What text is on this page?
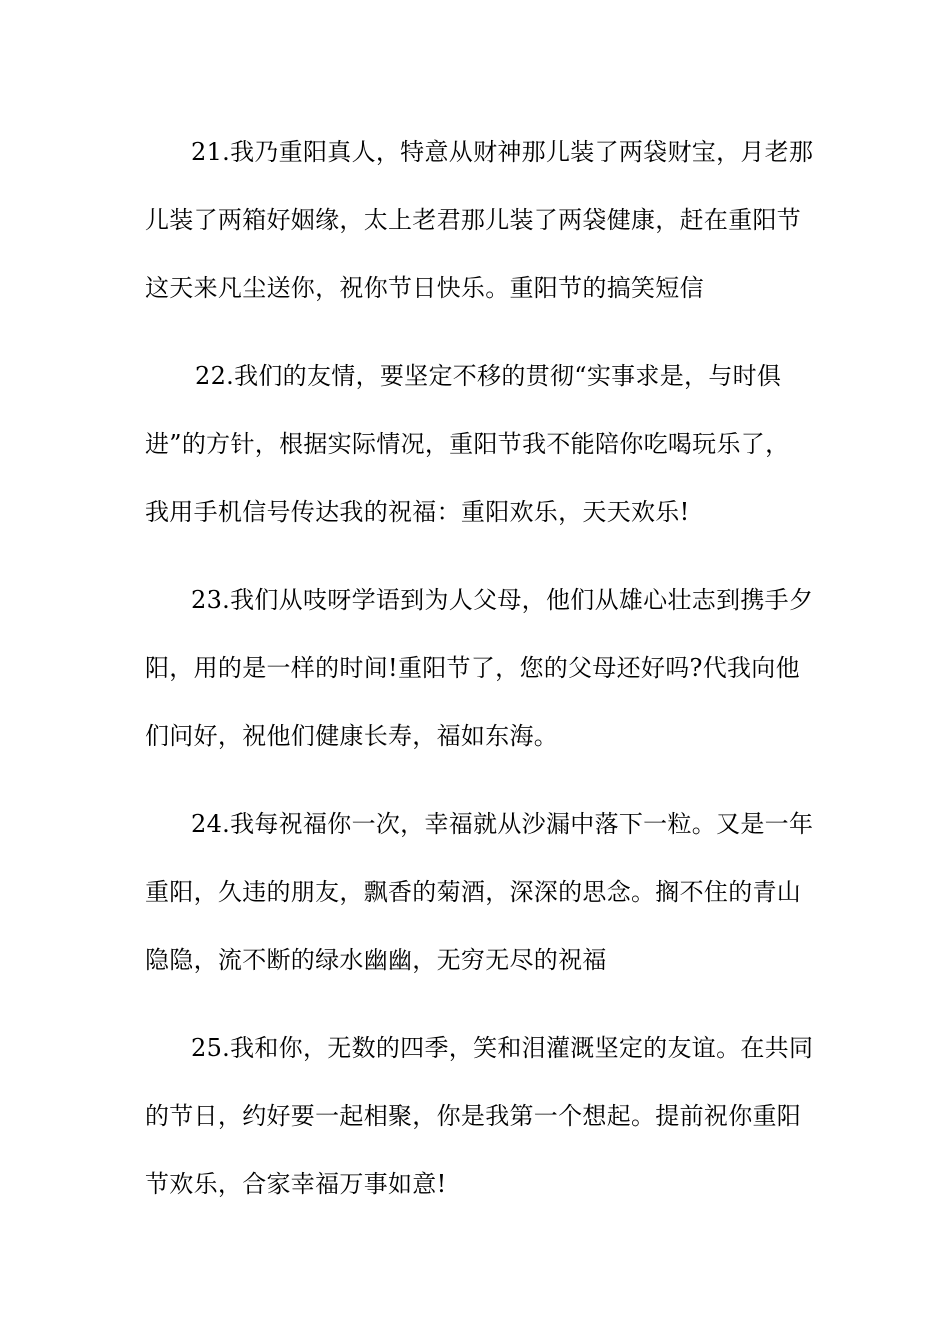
21.我乃重阳真人，特意从财神那儿装了两袋财宝，月老那
儿装了两箱好姻缘，太上老君那儿装了两袋健康，赶在重阳节
这天来凡尘送你，祝你节日快乐。重阳节的搞笑短信
22.我们的友情，要坚定不移的贯彻“实事求是，与时俱
进”的方针，根据实际情况，重阳节我不能陪你吃喝玩乐了，
我用手机信号传达我的祝福：重阳欢乐，天天欢乐!
23.我们从吱呀学语到为人父母，他们从雄心壮志到携手夕
阳，用的是一样的时间!重阳节了，您的父母还好吗?代我向他
们问好，祝他们健康长寿，福如东海。
24.我每祝福你一次，幸福就从沙漏中落下一粒。又是一年
重阳，久违的朋友，飘香的菊酒，深深的思念。搁不住的青山
隐隐，流不断的绿水幽幽，无穷无尽的祝福
25.我和你，无数的四季，笑和泪灌溉坚定的友谊。在共同
的节日，约好要一起相聚，你是我第一个想起。提前祝你重阳
节欢乐，合家幸福万事如意!
